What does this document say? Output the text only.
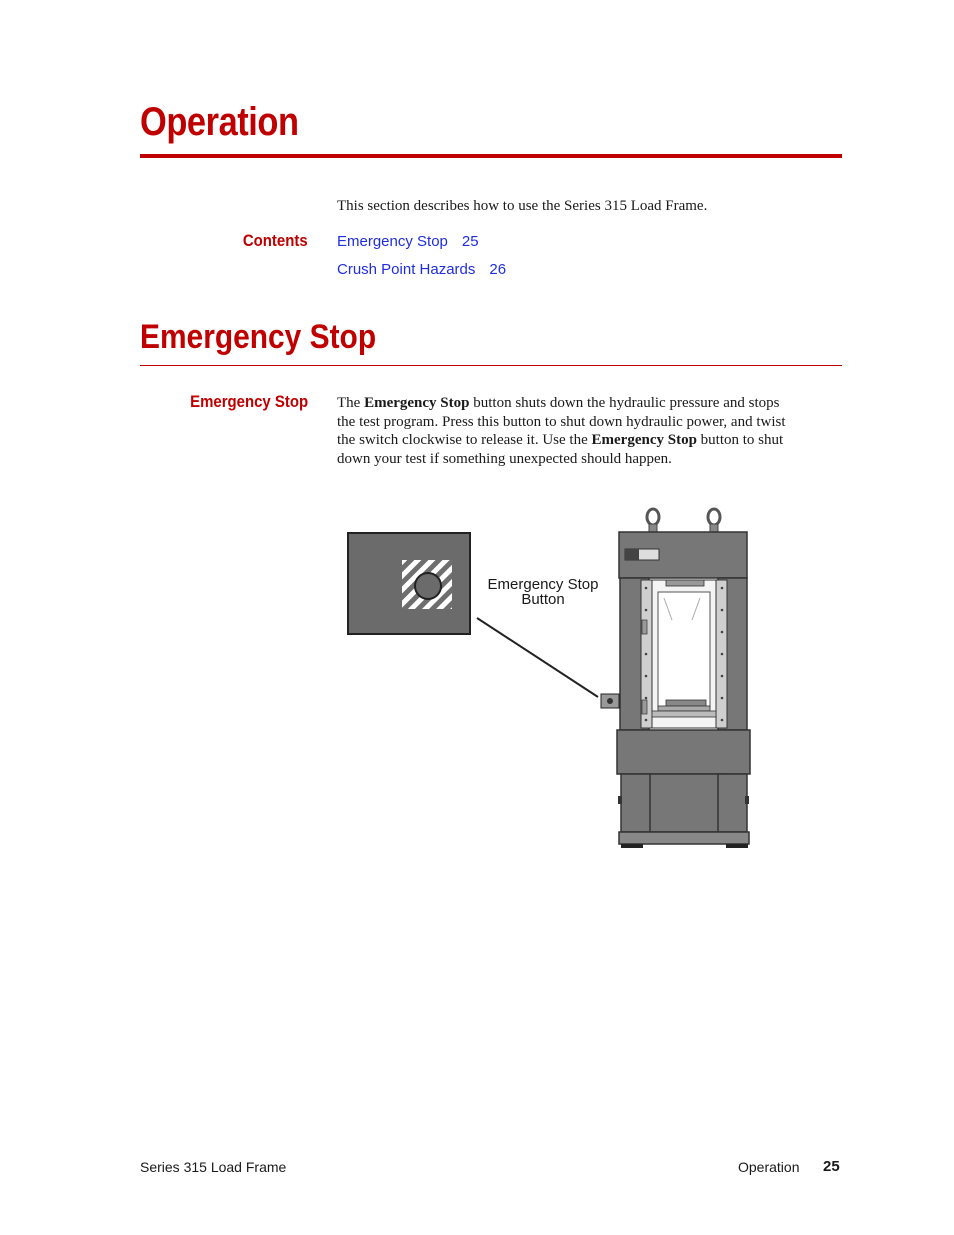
Operation
This section describes how to use the Series 315 Load Frame.
Contents Emergency Stop 25
Crush Point Hazards 26
Emergency Stop
Emergency Stop The Emergency Stop button shuts down the hydraulic pressure and stops the test program. Press this button to shut down hydraulic power, and twist the switch clockwise to release it. Use the Emergency Stop button to shut down your test if something unexpected should happen.
Emergency Stop
Button
Series 315 Load Frame	Operation 25
